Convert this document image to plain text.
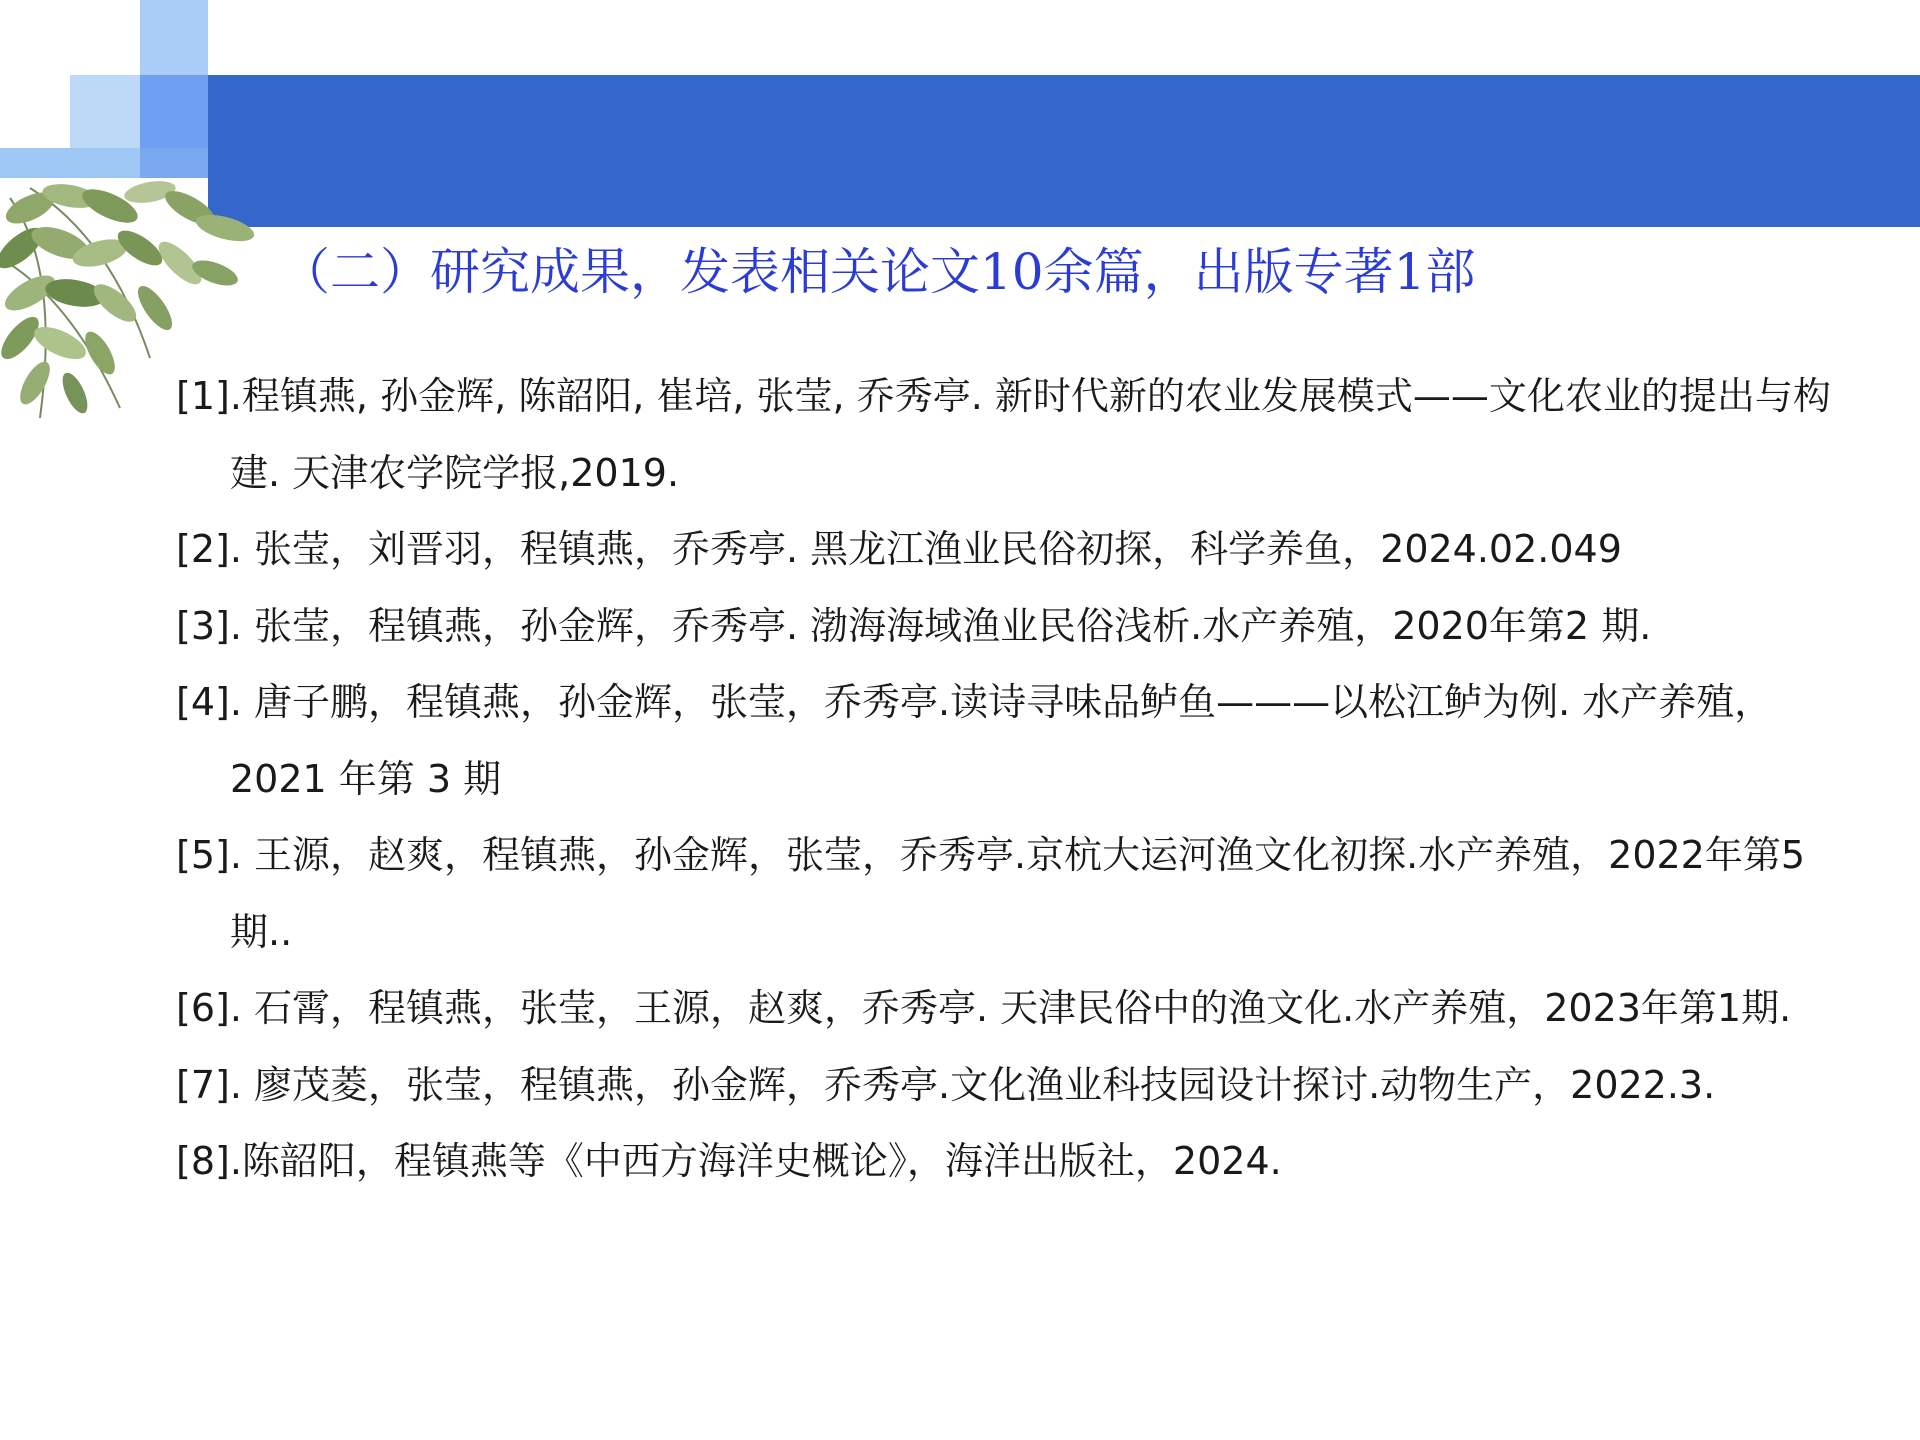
（二）研究成果，发表相关论文10余篇，出版专著1部
[1].程镇燕, 孙金辉, 陈韶阳, 崔培, 张莹, 乔秀亭. 新时代新的农业发展模式——文化农业的提出与构建. 天津农学院学报,2019.
[2]. 张莹，刘晋羽，程镇燕，乔秀亭. 黑龙江渔业民俗初探，科学养鱼，2024.02.049
[3]. 张莹，程镇燕，孙金辉，乔秀亭. 渤海海域渔业民俗浅析.水产养殖，2020年第2 期.
[4]. 唐子鹏，程镇燕，孙金辉，张莹，乔秀亭.读诗寻味品鲈鱼———以松江鲈为例. 水产养殖，2021 年第 3 期
[5]. 王源，赵爽，程镇燕，孙金辉，张莹，乔秀亭.京杭大运河渔文化初探.水产养殖，2022年第5期..
[6]. 石霄，程镇燕，张莹，王源，赵爽，乔秀亭. 天津民俗中的渔文化.水产养殖，2023年第1期.
[7]. 廖茂菱，张莹，程镇燕，孙金辉，乔秀亭.文化渔业科技园设计探讨.动物生产，2022.3.
[8].陈韶阳，程镇燕等《中西方海洋史概论》，海洋出版社，2024.
